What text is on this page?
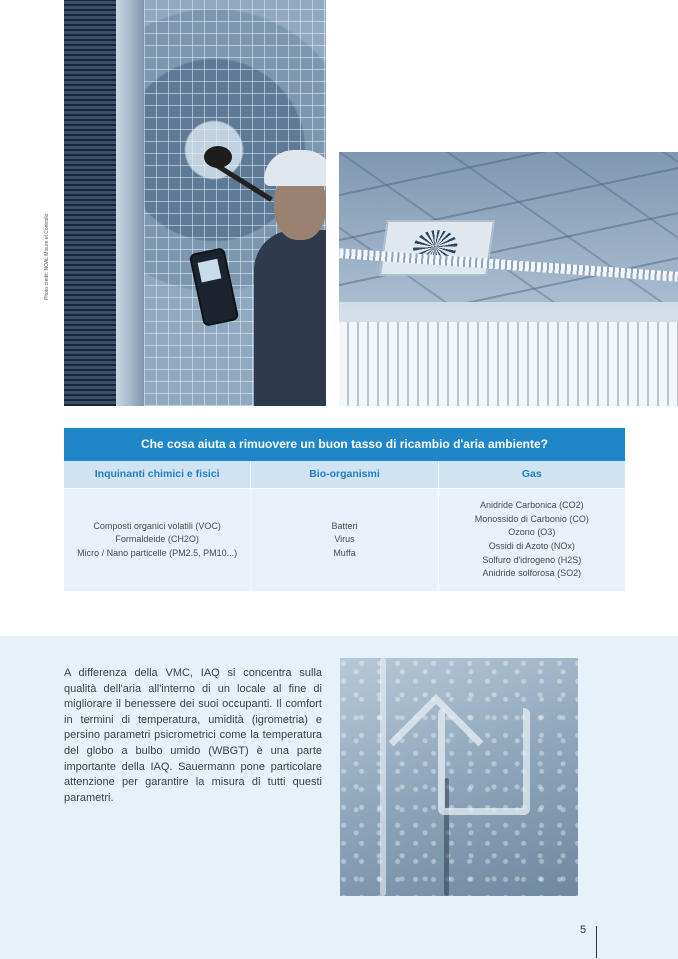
Photo credit: NOAL Misure et Controllo
Che cosa aiuta a rimuovere un buon tasso di ricambio d'aria ambiente?
Inquinanti chimici e fisici	Bio-organismi	Gas
Composti organici volatili (VOC)
Formaldeide (CH2O)
Micro / Nano particelle (PM2.5, PM10...)
Batteri
Virus
Muffa
Anidride Carbonica (CO2)
Monossido di Carbonio (CO)
Ozono (O3)
Ossidi di Azoto (NOx)
Solfuro d'idrogeno (H2S)
Anidride solforosa (SO2)

A differenza della VMC, IAQ si concentra sulla qualità dell'aria all'interno di un locale al fine di migliorare il benessere dei suoi occupanti. Il comfort in termini di temperatura, umidità (igrometria) e persino parametri psicrometrici come la temperatura del globo a bulbo umido (WBGT) è una parte importante della IAQ. Sauermann pone particolare attenzione per garantire la misura di tutti questi parametri.

5
